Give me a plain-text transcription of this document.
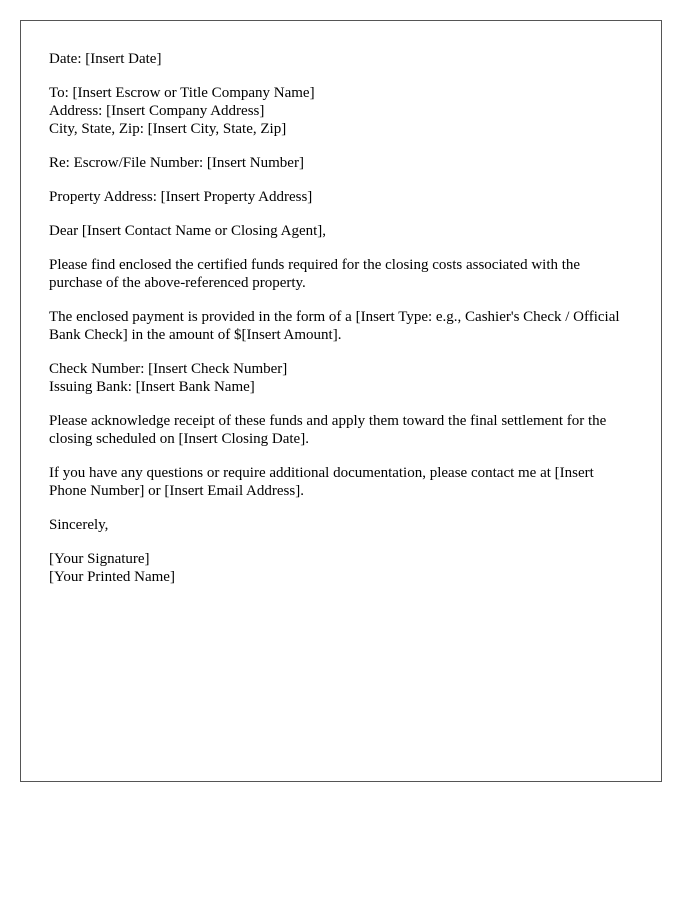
Date: [Insert Date]

To: [Insert Escrow or Title Company Name]
Address: [Insert Company Address]
City, State, Zip: [Insert City, State, Zip]

Re: Escrow/File Number: [Insert Number]

Property Address: [Insert Property Address]

Dear [Insert Contact Name or Closing Agent],

Please find enclosed the certified funds required for the closing costs associated with the purchase of the above-referenced property.

The enclosed payment is provided in the form of a [Insert Type: e.g., Cashier's Check / Official Bank Check] in the amount of $[Insert Amount].

Check Number: [Insert Check Number]
Issuing Bank: [Insert Bank Name]

Please acknowledge receipt of these funds and apply them toward the final settlement for the closing scheduled on [Insert Closing Date].

If you have any questions or require additional documentation, please contact me at [Insert Phone Number] or [Insert Email Address].

Sincerely,

[Your Signature]
[Your Printed Name]
